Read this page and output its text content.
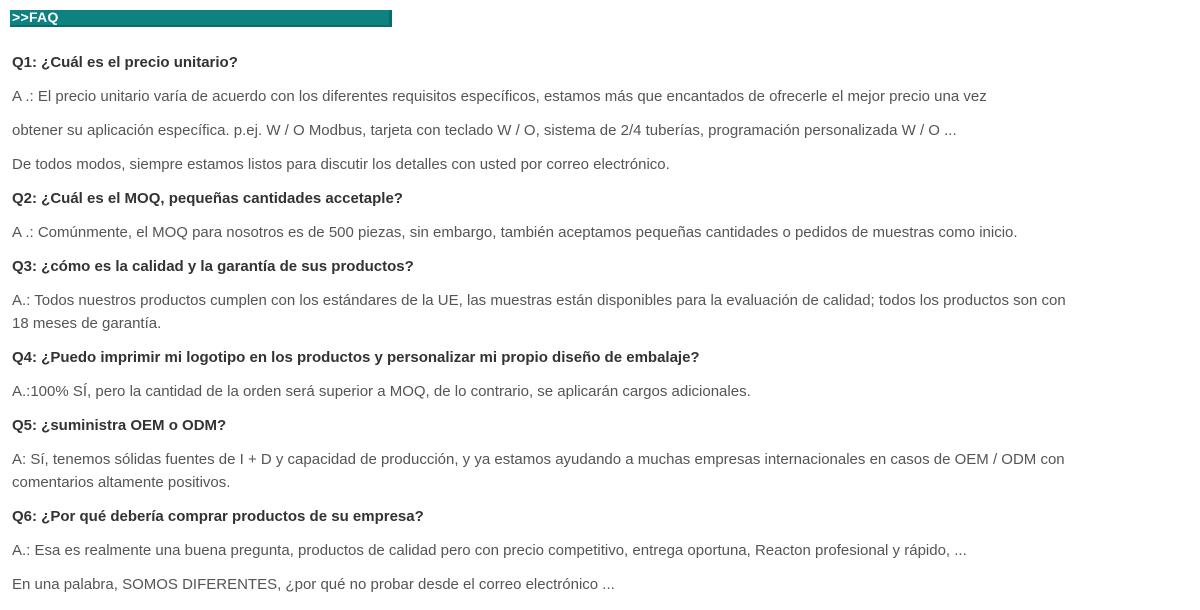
>>FAQ

Q1: ¿Cuál es el precio unitario?

A .: El precio unitario varía de acuerdo con los diferentes requisitos específicos, estamos más que encantados de ofrecerle el mejor precio una vez

obtener su aplicación específica. p.ej. W / O Modbus, tarjeta con teclado W / O, sistema de 2/4 tuberías, programación personalizada W / O ...

De todos modos, siempre estamos listos para discutir los detalles con usted por correo electrónico.

Q2: ¿Cuál es el MOQ, pequeñas cantidades accetaple?

A .: Comúnmente, el MOQ para nosotros es de 500 piezas, sin embargo, también aceptamos pequeñas cantidades o pedidos de muestras como inicio.

Q3: ¿cómo es la calidad y la garantía de sus productos?

A.: Todos nuestros productos cumplen con los estándares de la UE, las muestras están disponibles para la evaluación de calidad; todos los productos son con
18 meses de garantía.

Q4: ¿Puedo imprimir mi logotipo en los productos y personalizar mi propio diseño de embalaje?

A.:100% SÍ, pero la cantidad de la orden será superior a MOQ, de lo contrario, se aplicarán cargos adicionales.

Q5: ¿suministra OEM o ODM?

A: Sí, tenemos sólidas fuentes de I + D y capacidad de producción, y ya estamos ayudando a muchas empresas internacionales en casos de OEM / ODM con
comentarios altamente positivos.

Q6: ¿Por qué debería comprar productos de su empresa?

A.: Esa es realmente una buena pregunta, productos de calidad pero con precio competitivo, entrega oportuna, Reacton profesional y rápido, ...

En una palabra, SOMOS DIFERENTES, ¿por qué no probar desde el correo electrónico ...
